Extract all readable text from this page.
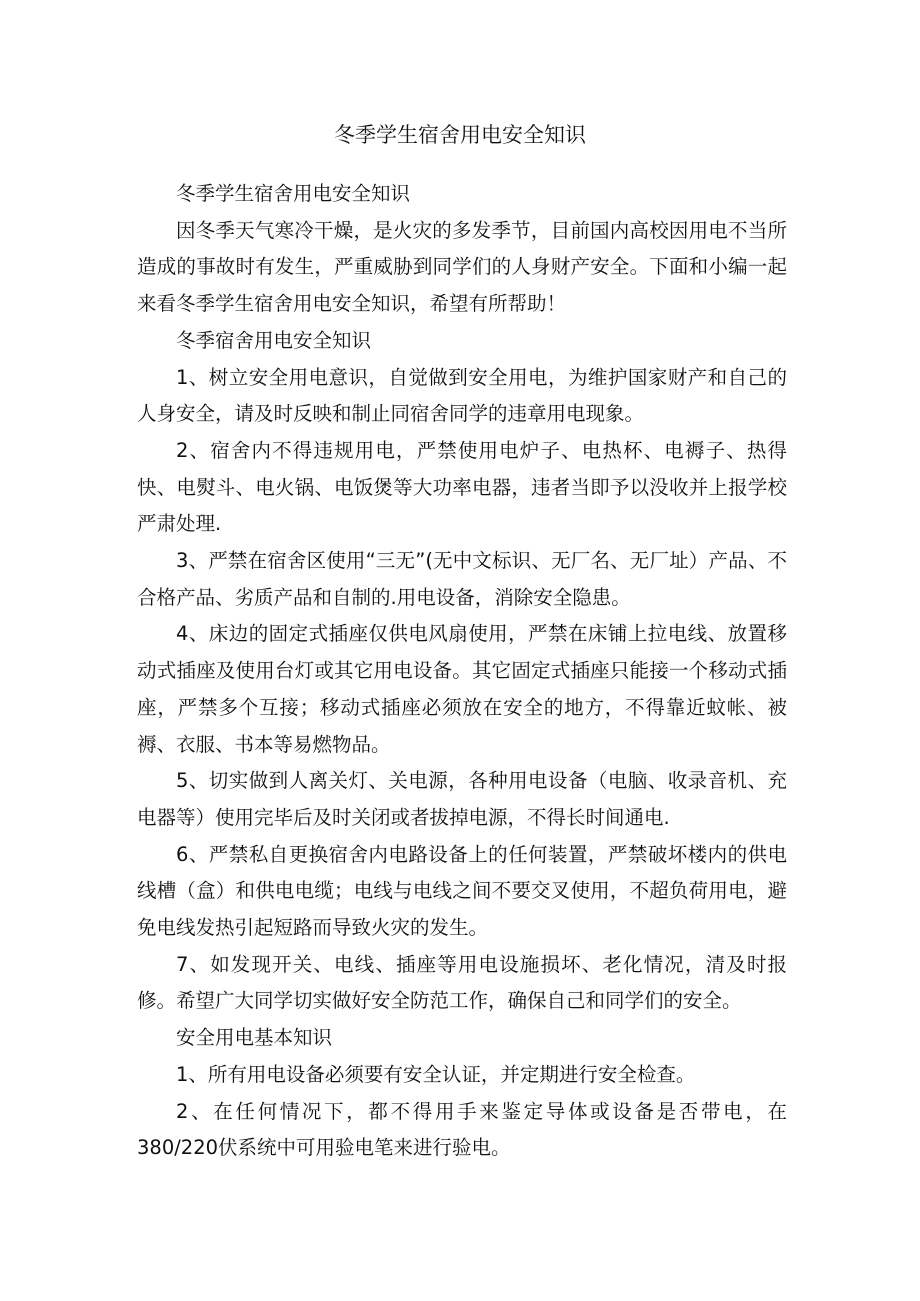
冬季学生宿舍用电安全知识

冬季学生宿舍用电安全知识

因冬季天气寒冷干燥，是火灾的多发季节，目前国内高校因用电不当所造成的事故时有发生，严重威胁到同学们的人身财产安全。下面和小编一起来看冬季学生宿舍用电安全知识，希望有所帮助！

冬季宿舍用电安全知识

1、树立安全用电意识，自觉做到安全用电，为维护国家财产和自己的人身安全，请及时反映和制止同宿舍同学的违章用电现象。

2、宿舍内不得违规用电，严禁使用电炉子、电热杯、电褥子、热得快、电熨斗、电火锅、电饭煲等大功率电器，违者当即予以没收并上报学校严肃处理.

3、严禁在宿舍区使用“三无”(无中文标识、无厂名、无厂址）产品、不合格产品、劣质产品和自制的.用电设备，消除安全隐患。

4、床边的固定式插座仅供电风扇使用，严禁在床铺上拉电线、放置移动式插座及使用台灯或其它用电设备。其它固定式插座只能接一个移动式插座，严禁多个互接；移动式插座必须放在安全的地方，不得靠近蚊帐、被褥、衣服、书本等易燃物品。

5、切实做到人离关灯、关电源，各种用电设备（电脑、收录音机、充电器等）使用完毕后及时关闭或者拔掉电源，不得长时间通电.

6、严禁私自更换宿舍内电路设备上的任何装置，严禁破坏楼内的供电线槽（盒）和供电电缆；电线与电线之间不要交叉使用，不超负荷用电，避免电线发热引起短路而导致火灾的发生。

7、如发现开关、电线、插座等用电设施损坏、老化情况，清及时报修。希望广大同学切实做好安全防范工作，确保自己和同学们的安全。

安全用电基本知识

1、所有用电设备必须要有安全认证，并定期进行安全检查。

2、在任何情况下，都不得用手来鉴定导体或设备是否带电，在380/220伏系统中可用验电笔来进行验电。
